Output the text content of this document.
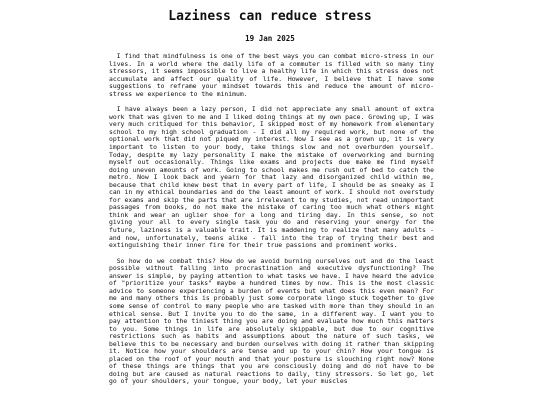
Laziness can reduce stress
19 Jan 2025

I find that mindfulness is one of the best ways you can combat micro-stress in our lives. In a world where the daily life of a commuter is filled with so many tiny stressors, it seems impossible to live a healthy life in which this stress does not accumulate and affect our quality of life. However, I believe that I have some suggestions to reframe your mindset towards this and reduce the amount of micro-stress we experience to the minimum.

I have always been a lazy person, I did not appreciate any small amount of extra work that was given to me and I liked doing things at my own pace. Growing up, I was very much critiqued for this behavior, I skipped most of my homework from elementary school to my high school graduation - I did all my required work, but none of the optional work that did not piqued my interest. Now I see as a grown up, it is very important to listen to your body, take things slow and not overburden yourself. Today, despite my lazy personality I make the mistake of overworking and burning myself out occasionally. Things like exams and projects due make me find myself doing uneven amounts of work. Going to school makes me rush out of bed to catch the metro. Now I look back and yearn for that lazy and disorganized child within me, because that child knew best that in every part of life, I should be as sneaky as I can in my ethical boundaries and do the least amount of work. I should not overstudy for exams and skip the parts that are irrelevant to my studies, not read unimportant passages from books, do not make the mistake of caring too much what others might think and wear an uglier shoe for a long and tiring day. In this sense, so not giving your all to every single task you do and reserving your energy for the future, laziness is a valuable trait. It is maddening to realize that many adults - and now, unfortunately, teens alike - fall into the trap of trying their best and extinguishing their inner fire for their true passions and prominent works.

So how do we combat this? How do we avoid burning ourselves out and do the least possible without falling into procrastination and executive dysfunctioning? The answer is simple, by paying attention to what tasks we have. I have heard the advice of "prioritize your tasks" maybe a hundred times by now. This is the most classic advice to someone experiencing a burden of events but what does this even mean? For me and many others this is probably just some corporate lingo stuck together to give some sense of control to many people who are tasked with more than they should in an ethical sense. But I invite you to do the same, in a different way. I want you to pay attention to the tiniest thing you are doing and evaluate how much this matters to you. Some things in life are absolutely skippable, but due to our cognitive restrictions such as habits and assumptions about the nature of such tasks, we believe this to be necessary and burden ourselves with doing it rather than skipping it. Notice how your shoulders are tense and up to your chin? How your tongue is placed on the roof of your mouth and that your posture is slouching right now? None of these things are things that you are consciously doing and do not have to be doing but are caused as natural reactions to daily, tiny stressors. So let go, let go of your shoulders, your tongue, your body, let your muscles
